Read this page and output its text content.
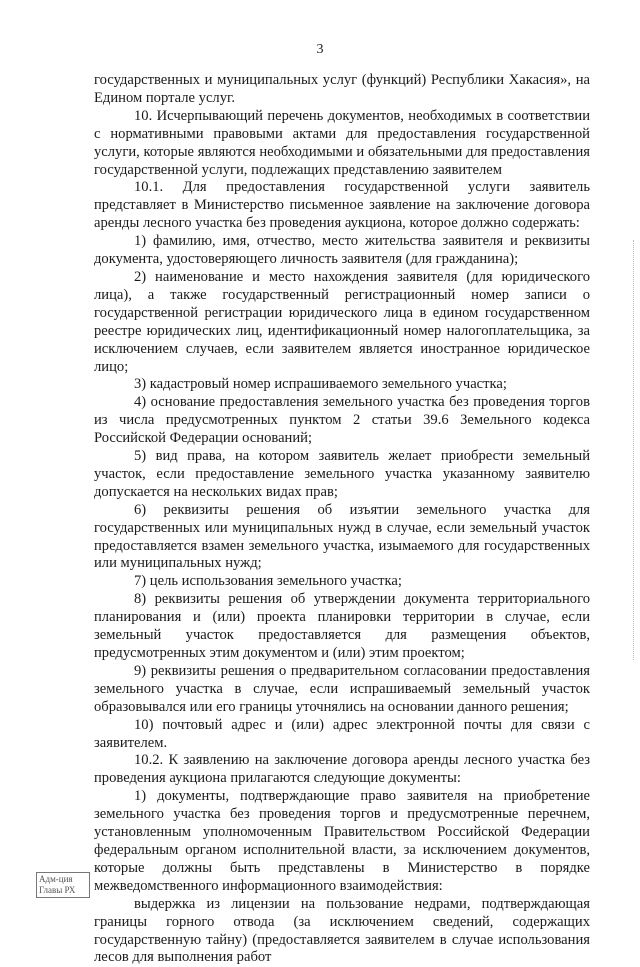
3

государственных и муниципальных услуг (функций) Республики Хакасия», на Едином портале услуг.

10. Исчерпывающий перечень документов, необходимых в соответствии с нормативными правовыми актами для предоставления государственной услуги, которые являются необходимыми и обязательными для предоставления государственной услуги, подлежащих представлению заявителем

10.1. Для предоставления государственной услуги заявитель представляет в Министерство письменное заявление на заключение договора аренды лесного участка без проведения аукциона, которое должно содержать:

1) фамилию, имя, отчество, место жительства заявителя и реквизиты документа, удостоверяющего личность заявителя (для гражданина);

2) наименование и место нахождения заявителя (для юридического лица), а также государственный регистрационный номер записи о государственной регистрации юридического лица в едином государственном реестре юридических лиц, идентификационный номер налогоплательщика, за исключением случаев, если заявителем является иностранное юридическое лицо;

3) кадастровый номер испрашиваемого земельного участка;

4) основание предоставления земельного участка без проведения торгов из числа предусмотренных пунктом 2 статьи 39.6 Земельного кодекса Российской Федерации оснований;

5) вид права, на котором заявитель желает приобрести земельный участок, если предоставление земельного участка указанному заявителю допускается на нескольких видах прав;

6) реквизиты решения об изъятии земельного участка для государственных или муниципальных нужд в случае, если земельный участок предоставляется взамен земельного участка, изымаемого для государственных или муниципальных нужд;

7) цель использования земельного участка;

8) реквизиты решения об утверждении документа территориального планирования и (или) проекта планировки территории в случае, если земельный участок предоставляется для размещения объектов, предусмотренных этим документом и (или) этим проектом;

9) реквизиты решения о предварительном согласовании предоставления земельного участка в случае, если испрашиваемый земельный участок образовывался или его границы уточнялись на основании данного решения;

10) почтовый адрес и (или) адрес электронной почты для связи с заявителем.

10.2. К заявлению на заключение договора аренды лесного участка без проведения аукциона прилагаются следующие документы:

1) документы, подтверждающие право заявителя на приобретение земельного участка без проведения торгов и предусмотренные перечнем, установленным уполномоченным Правительством Российской Федерации федеральным органом исполнительной власти, за исключением документов, которые должны быть представлены в Министерство в порядке межведомственного информационного взаимодействия:

выдержка из лицензии на пользование недрами, подтверждающая границы горного отвода (за исключением сведений, содержащих государственную тайну) (предоставляется заявителем в случае использования лесов для выполнения работ

Адм-ция
Главы РХ
